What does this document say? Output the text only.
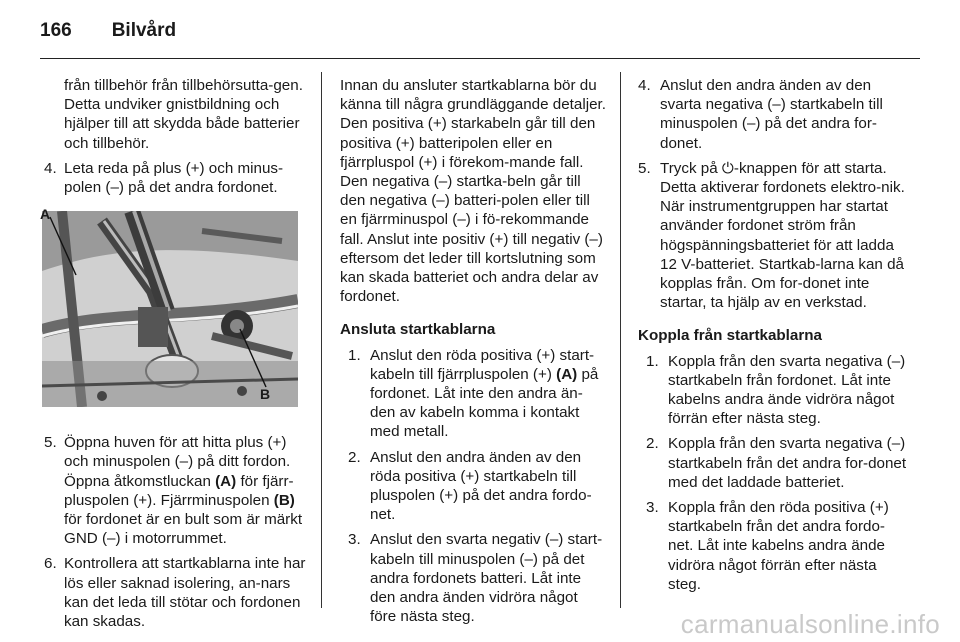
166 Bilvård

från tillbehör från tillbehörsutta-gen. Detta undviker gnistbildning och hjälper till att skydda både batterier och tillbehör.

4. Leta reda på plus (+) och minus-polen (–) på det andra fordonet.
A
B
5. Öppna huven för att hitta plus (+) och minuspolen (–) på ditt fordon. Öppna åtkomstluckan (A) för fjärr-pluspolen (+). Fjärrminuspolen (B) för fordonet är en bult som är märkt GND (–) i motorrummet.
6. Kontrollera att startkablarna inte har lös eller saknad isolering, an-nars kan det leda till stötar och fordonen kan skadas.

Innan du ansluter startkablarna bör du känna till några grundläggande detaljer. Den positiva (+) starkabeln går till den positiva (+) batteripolen eller en fjärrpluspol (+) i förekom-mande fall. Den negativa (–) startka-beln går till den negativa (–) batteri-polen eller till en fjärrminuspol (–) i fö-rekommande fall. Anslut inte positiv (+) till negativ (–) eftersom det leder till kortslutning som kan skada batteriet och andra delar av fordonet.

Ansluta startkablarna

1. Anslut den röda positiva (+) start-kabeln till fjärrpluspolen (+) (A) på fordonet. Låt inte den andra än-den av kabeln komma i kontakt med metall.
2. Anslut den andra änden av den röda positiva (+) startkabeln till pluspolen (+) på det andra fordo-net.
3. Anslut den svarta negativ (–) start-kabeln till minuspolen (–) på det andra fordonets batteri. Låt inte den andra änden vidröra något före nästa steg.
4. Anslut den andra änden av den svarta negativa (–) startkabeln till minuspolen (–) på det andra for-donet.
5. Tryck på ⏻-knappen för att starta. Detta aktiverar fordonets elektro-nik. När instrumentgruppen har startat använder fordonet ström från högspänningsbatteriet för att ladda 12 V-batteriet. Startkab-larna kan då kopplas från. Om for-donet inte startar, ta hjälp av en verkstad.

Koppla från startkablarna

1. Koppla från den svarta negativa (–) startkabeln från fordonet. Låt inte kabelns andra ände vidröra något förrän efter nästa steg.
2. Koppla från den svarta negativa (–) startkabeln från det andra for-donet med det laddade batteriet.
3. Koppla från den röda positiva (+) startkabeln från det andra fordo-net. Låt inte kabelns andra ände vidröra något förrän efter nästa steg.
carmanualsonline.info
